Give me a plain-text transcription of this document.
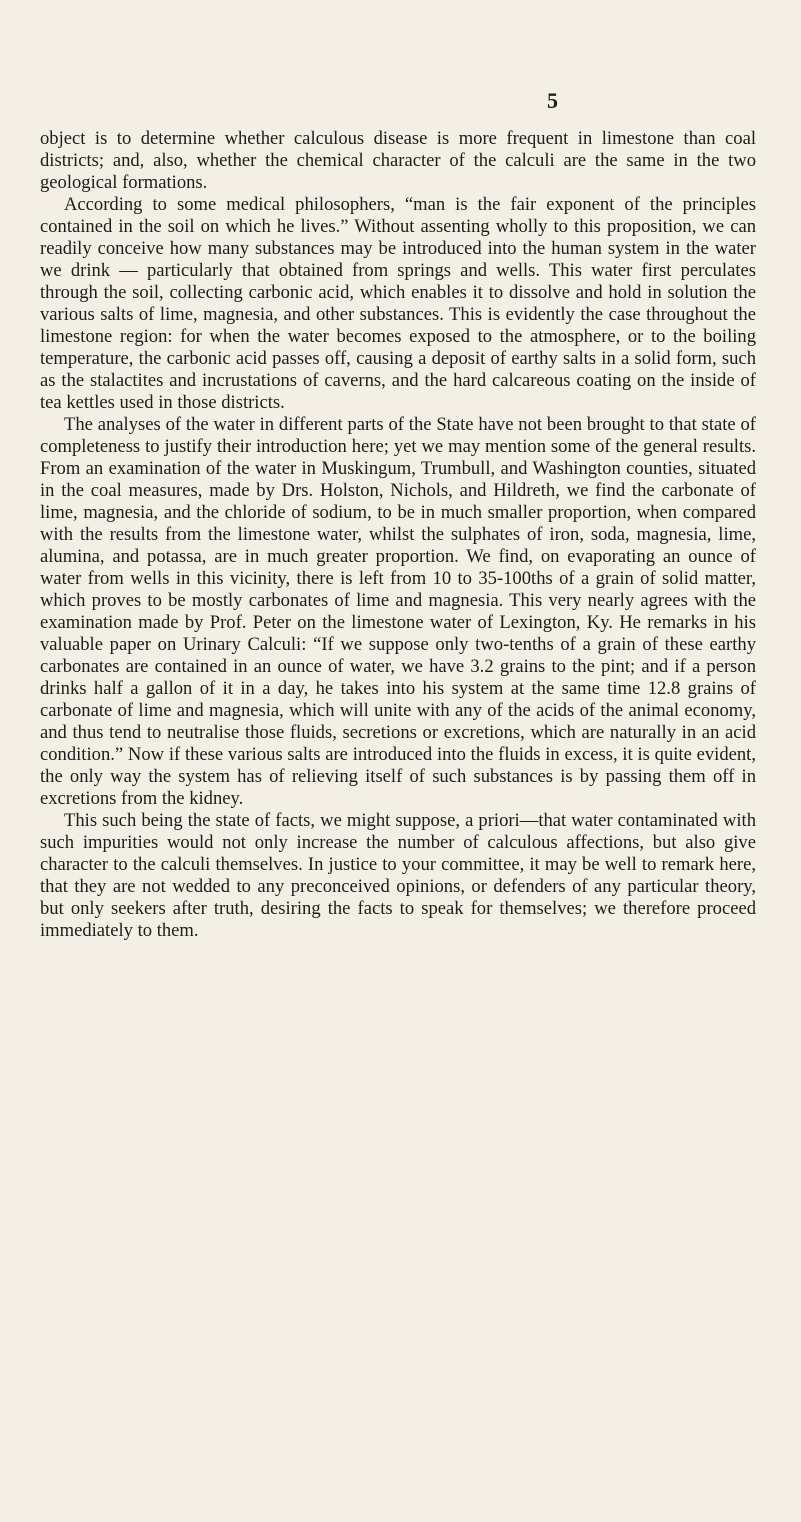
5

object is to determine whether calculous disease is more frequent in limestone than coal districts; and, also, whether the chemical character of the calculi are the same in the two geological formations.

According to some medical philosophers, “man is the fair exponent of the principles contained in the soil on which he lives.” Without assenting wholly to this proposition, we can readily conceive how many substances may be introduced into the human system in the water we drink — particularly that obtained from springs and wells. This water first perculates through the soil, collecting carbonic acid, which enables it to dissolve and hold in solution the various salts of lime, magnesia, and other substances. This is evidently the case throughout the limestone region: for when the water becomes exposed to the atmosphere, or to the boiling temperature, the carbonic acid passes off, causing a deposit of earthy salts in a solid form, such as the stalactites and incrustations of caverns, and the hard calcareous coating on the inside of tea kettles used in those districts.

The analyses of the water in different parts of the State have not been brought to that state of completeness to justify their introduction here; yet we may mention some of the general results. From an examination of the water in Muskingum, Trumbull, and Washington counties, situated in the coal measures, made by Drs. Holston, Nichols, and Hildreth, we find the carbonate of lime, magnesia, and the chloride of sodium, to be in much smaller proportion, when compared with the results from the limestone water, whilst the sulphates of iron, soda, magnesia, lime, alumina, and potassa, are in much greater proportion. We find, on evaporating an ounce of water from wells in this vicinity, there is left from 10 to 35-100ths of a grain of solid matter, which proves to be mostly carbonates of lime and magnesia. This very nearly agrees with the examination made by Prof. Peter on the limestone water of Lexington, Ky. He remarks in his valuable paper on Urinary Calculi: “If we suppose only two-tenths of a grain of these earthy carbonates are contained in an ounce of water, we have 3.2 grains to the pint; and if a person drinks half a gallon of it in a day, he takes into his system at the same time 12.8 grains of carbonate of lime and magnesia, which will unite with any of the acids of the animal economy, and thus tend to neutralise those fluids, secretions or excretions, which are naturally in an acid condition.” Now if these various salts are introduced into the fluids in excess, it is quite evident, the only way the system has of relieving itself of such substances is by passing them off in excretions from the kidney.

This such being the state of facts, we might suppose, a priori—that water contaminated with such impurities would not only increase the number of calculous affections, but also give character to the calculi themselves. In justice to your committee, it may be well to remark here, that they are not wedded to any preconceived opinions, or defenders of any particular theory, but only seekers after truth, desiring the facts to speak for themselves; we therefore proceed immediately to them.
